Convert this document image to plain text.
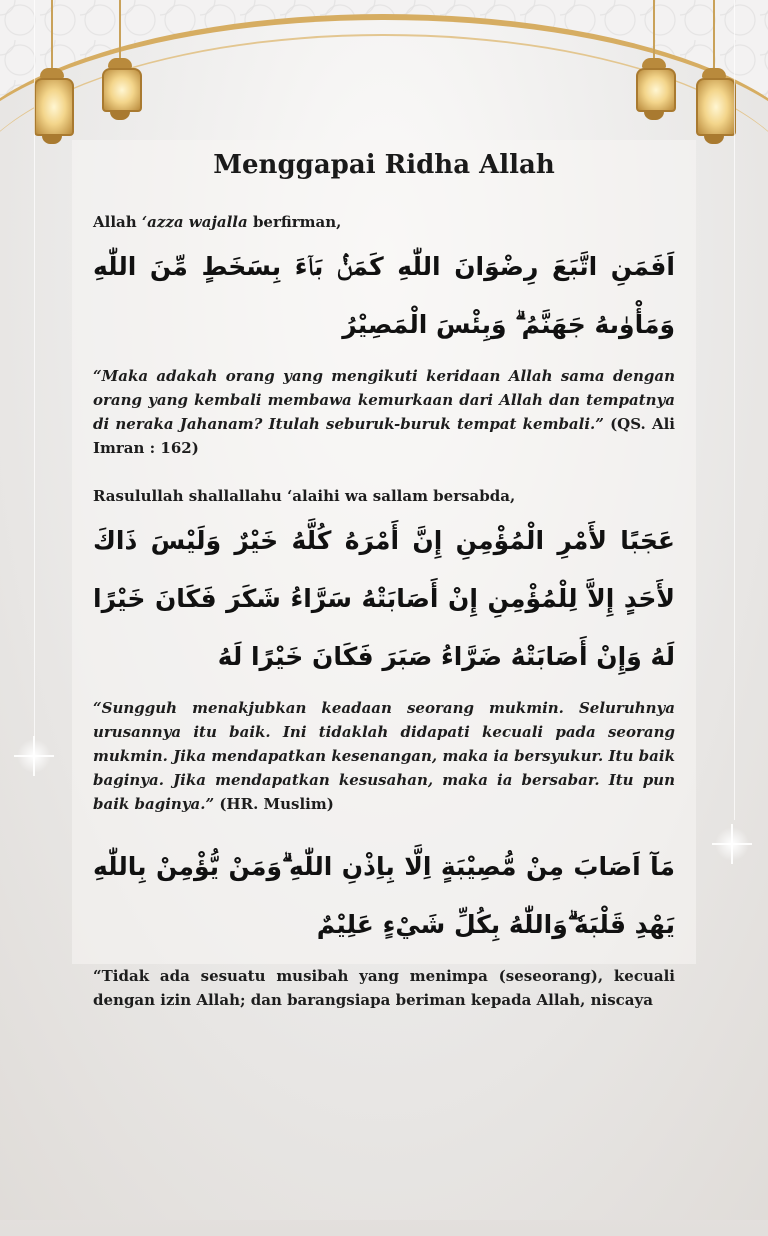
Menggapai Ridha Allah

Allah ‘azza wajalla berfirman,

اَفَمَنِ اتَّبَعَ رِضْوَانَ اللّٰهِ كَمَنْۢ بَاۤءَ بِسَخَطٍ مِّنَ اللّٰهِ وَمَأْوٰىهُ جَهَنَّمُ ۗ وَبِئْسَ الْمَصِيْرُ

“Maka adakah orang yang mengikuti keridaan Allah sama dengan orang yang kembali membawa kemurkaan dari Allah dan tempatnya di neraka Jahanam? Itulah seburuk-buruk tempat kembali.” (QS. Ali Imran : 162)

Rasulullah shallallahu ‘alaihi wa sallam bersabda,

عَجَبًا لأَمْرِ الْمُؤْمِنِ إِنَّ أَمْرَهُ كُلَّهُ خَيْرٌ وَلَيْسَ ذَاكَ لأَحَدٍ إِلاَّ لِلْمُؤْمِنِ إِنْ أَصَابَتْهُ سَرَّاءُ شَكَرَ فَكَانَ خَيْرًا لَهُ وَإِنْ أَصَابَتْهُ ضَرَّاءُ صَبَرَ فَكَانَ خَيْرًا لَهُ

“Sungguh menakjubkan keadaan seorang mukmin. Seluruhnya urusannya itu baik. Ini tidaklah didapati kecuali pada seorang mukmin. Jika mendapatkan kesenangan, maka ia bersyukur. Itu baik baginya. Jika mendapatkan kesusahan, maka ia bersabar. Itu pun baik baginya.” (HR. Muslim)

مَآ اَصَابَ مِنْ مُّصِيْبَةٍ اِلَّا بِاِذْنِ اللّٰهِ ۗوَمَنْ يُّؤْمِنْ بِاللّٰهِ يَهْدِ قَلْبَهٗ ۗوَاللّٰهُ بِكُلِّ شَيْءٍ عَلِيْمٌ

“Tidak ada sesuatu musibah yang menimpa (seseorang), kecuali dengan izin Allah; dan barangsiapa beriman kepada Allah, niscaya
